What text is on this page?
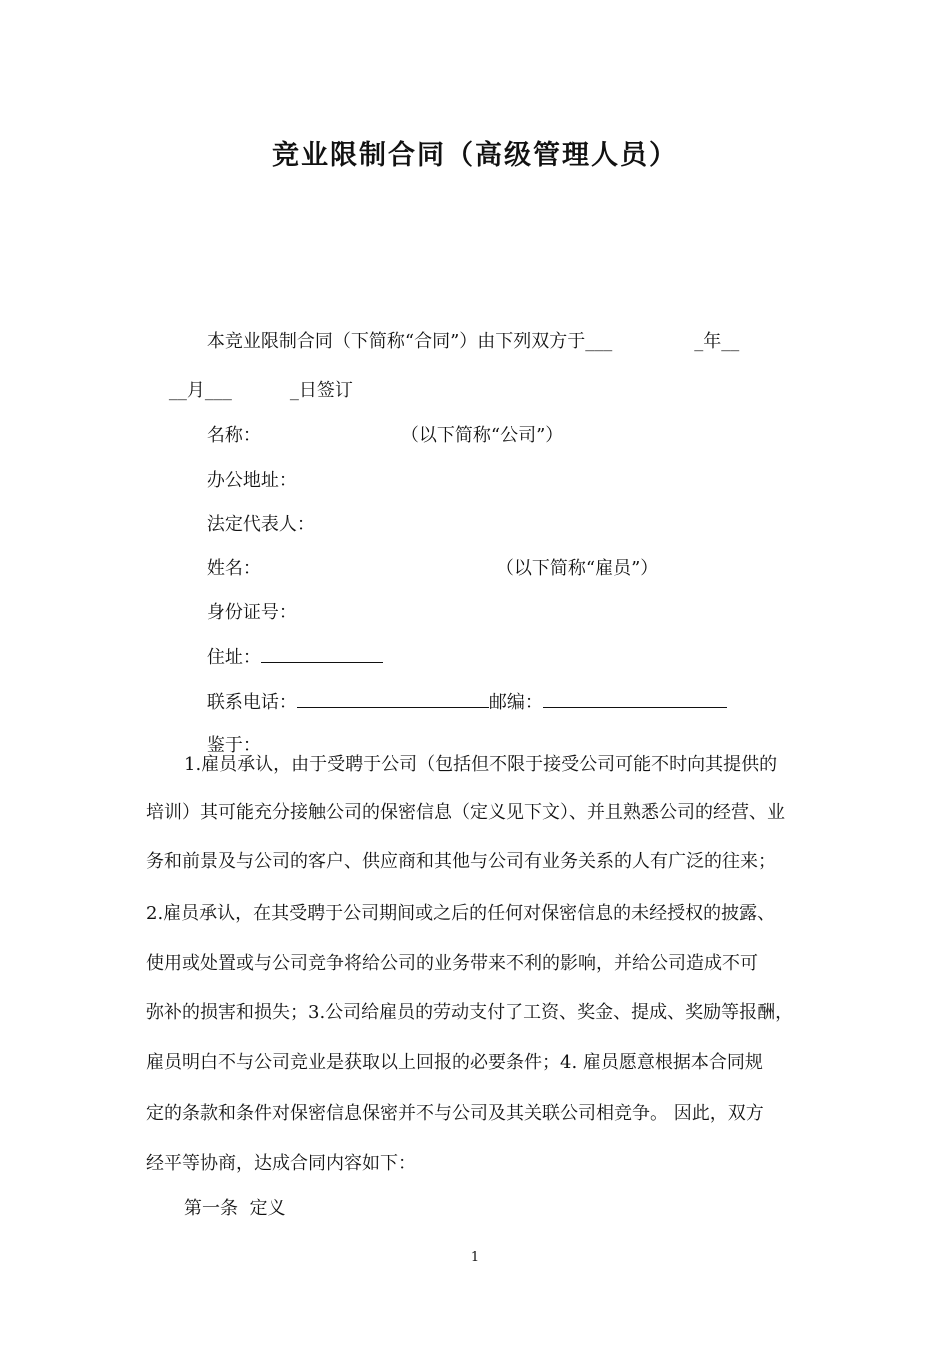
竞业限制合同（高级管理人员）

本竞业限制合同（下简称“合同”）由下列双方于___	_年__

__月___	_日签订

名称：	（以下简称“公司”）

办公地址：

法定代表人：

姓名：	（以下简称“雇员”）

身份证号：

住址：

联系电话：	邮编：

鉴于：

1.雇员承认，由于受聘于公司（包括但不限于接受公司可能不时向其提供的
培训）其可能充分接触公司的保密信息（定义见下文）、并且熟悉公司的经营、业
务和前景及与公司的客户、供应商和其他与公司有业务关系的人有广泛的往来；
2.雇员承认，在其受聘于公司期间或之后的任何对保密信息的未经授权的披露、
使用或处置或与公司竞争将给公司的业务带来不利的影响，并给公司造成不可
弥补的损害和损失；3.公司给雇员的劳动支付了工资、奖金、提成、奖励等报酬，
雇员明白不与公司竞业是获取以上回报的必要条件；4. 雇员愿意根据本合同规
定的条款和条件对保密信息保密并不与公司及其关联公司相竞争。 因此，双方
经平等协商，达成合同内容如下：
第一条  定义
1
